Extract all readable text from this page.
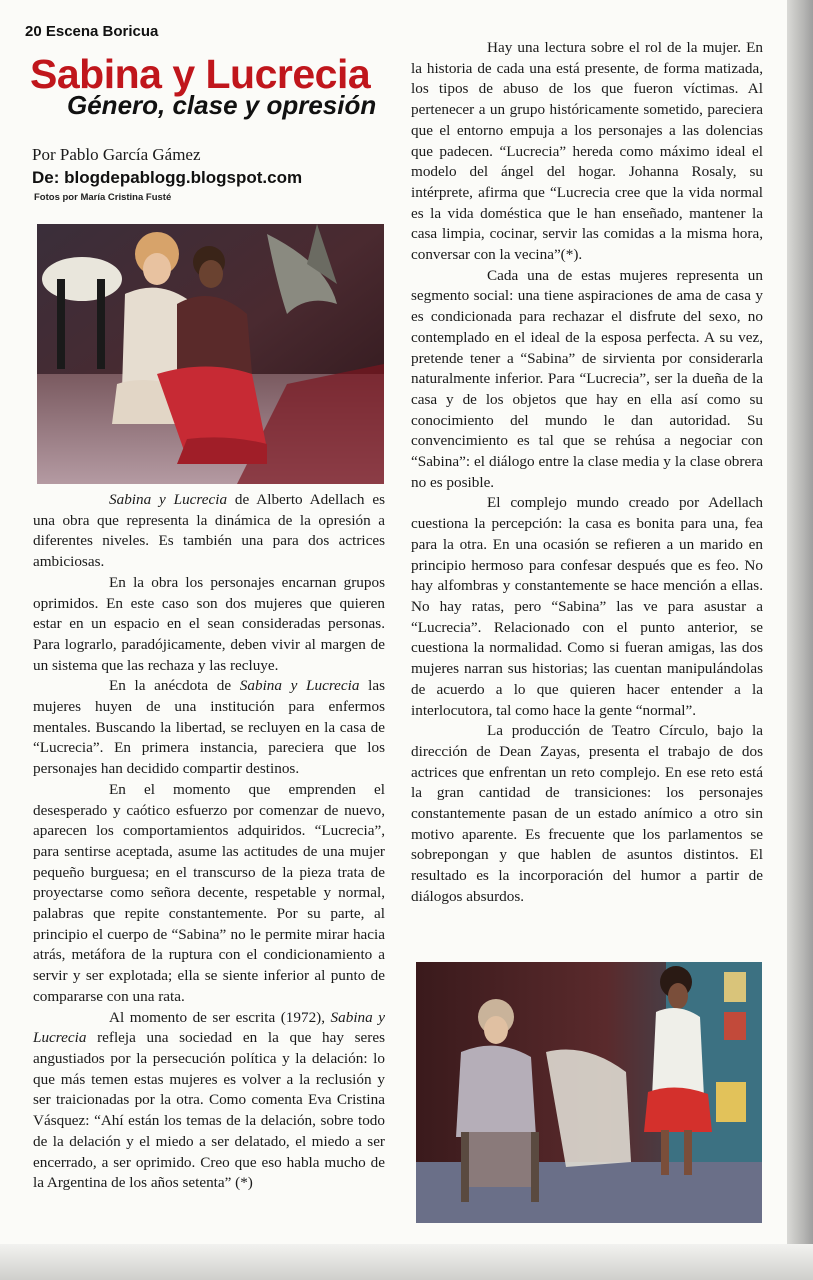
20 Escena Boricua
Sabina y Lucrecia
Género, clase y opresión
Por Pablo García Gámez
De: blogdepablogg.blogspot.com
Fotos por María Cristina Fusté

Sabina y Lucrecia de Alberto Adellach es una obra que representa la dinámica de la opresión a diferentes niveles. Es también una para dos actrices ambiciosas.

En la obra los personajes encarnan grupos oprimidos. En este caso son dos mujeres que quieren estar en un espacio en el sean consideradas personas. Para lograrlo, paradójicamente, deben vivir al margen de un sistema que las rechaza y las recluye.

En la anécdota de Sabina y Lucrecia las mujeres huyen de una institución para enfermos mentales. Buscando la libertad, se recluyen en la casa de “Lucrecia”. En primera instancia, pareciera que los personajes han decidido compartir destinos.

En el momento que emprenden el desesperado y caótico esfuerzo por comenzar de nuevo, aparecen los comportamientos adquiridos. “Lucrecia”, para sentirse aceptada, asume las actitudes de una mujer pequeño burguesa; en el transcurso de la pieza trata de proyectarse como señora decente, respetable y normal, palabras que repite constantemente. Por su parte, al principio el cuerpo de “Sabina” no le permite mirar hacia atrás, metáfora de la ruptura con el condicionamiento a servir y ser explotada; ella se siente inferior al punto de compararse con una rata.

Al momento de ser escrita (1972), Sabina y Lucrecia refleja una sociedad en la que hay seres angustiados por la persecución política y la delación: lo que más temen estas mujeres es volver a la reclusión y ser traicionadas por la otra. Como comenta Eva Cristina Vásquez: “Ahí están los temas de la delación, sobre todo de la delación y el miedo a ser delatado, el miedo a ser encerrado, a ser oprimido. Creo que eso habla mucho de la Argentina de los años setenta” (*)

Hay una lectura sobre el rol de la mujer. En la historia de cada una está presente, de forma matizada, los tipos de abuso de los que fueron víctimas. Al pertenecer a un grupo históricamente sometido, pareciera que el entorno empuja a los personajes a las dolencias que padecen. “Lucrecia” hereda como máximo ideal el modelo del ángel del hogar. Johanna Rosaly, su intérprete, afirma que “Lucrecia cree que la vida normal es la vida doméstica que le han enseñado, mantener la casa limpia, cocinar, servir las comidas a la misma hora, conversar con la vecina”(*).

Cada una de estas mujeres representa un segmento social: una tiene aspiraciones de ama de casa y es condicionada para rechazar el disfrute del sexo, no contemplado en el ideal de la esposa perfecta. A su vez, pretende tener a “Sabina” de sirvienta por considerarla naturalmente inferior. Para “Lucrecia”, ser la dueña de la casa y de los objetos que hay en ella así como su conocimiento del mundo le dan autoridad. Su convencimiento es tal que se rehúsa a negociar con “Sabina”: el diálogo entre la clase media y la clase obrera no es posible.

El complejo mundo creado por Adellach cuestiona la percepción: la casa es bonita para una, fea para la otra. En una ocasión se refieren a un marido en principio hermoso para confesar después que es feo. No hay alfombras y constantemente se hace mención a ellas. No hay ratas, pero “Sabina” las ve para asustar a “Lucrecia”. Relacionado con el punto anterior, se cuestiona la normalidad. Como si fueran amigas, las dos mujeres narran sus historias; las cuentan manipulándolas de acuerdo a lo que quieren hacer entender a la interlocutora, tal como hace la gente “normal”.

La producción de Teatro Círculo, bajo la dirección de Dean Zayas, presenta el trabajo de dos actrices que enfrentan un reto complejo. En ese reto está la gran cantidad de transiciones: los personajes constantemente pasan de un estado anímico a otro sin motivo aparente. Es frecuente que los parlamentos se sobrepongan y que hablen de asuntos distintos. El resultado es la incorporación del humor a partir de diálogos absurdos.
